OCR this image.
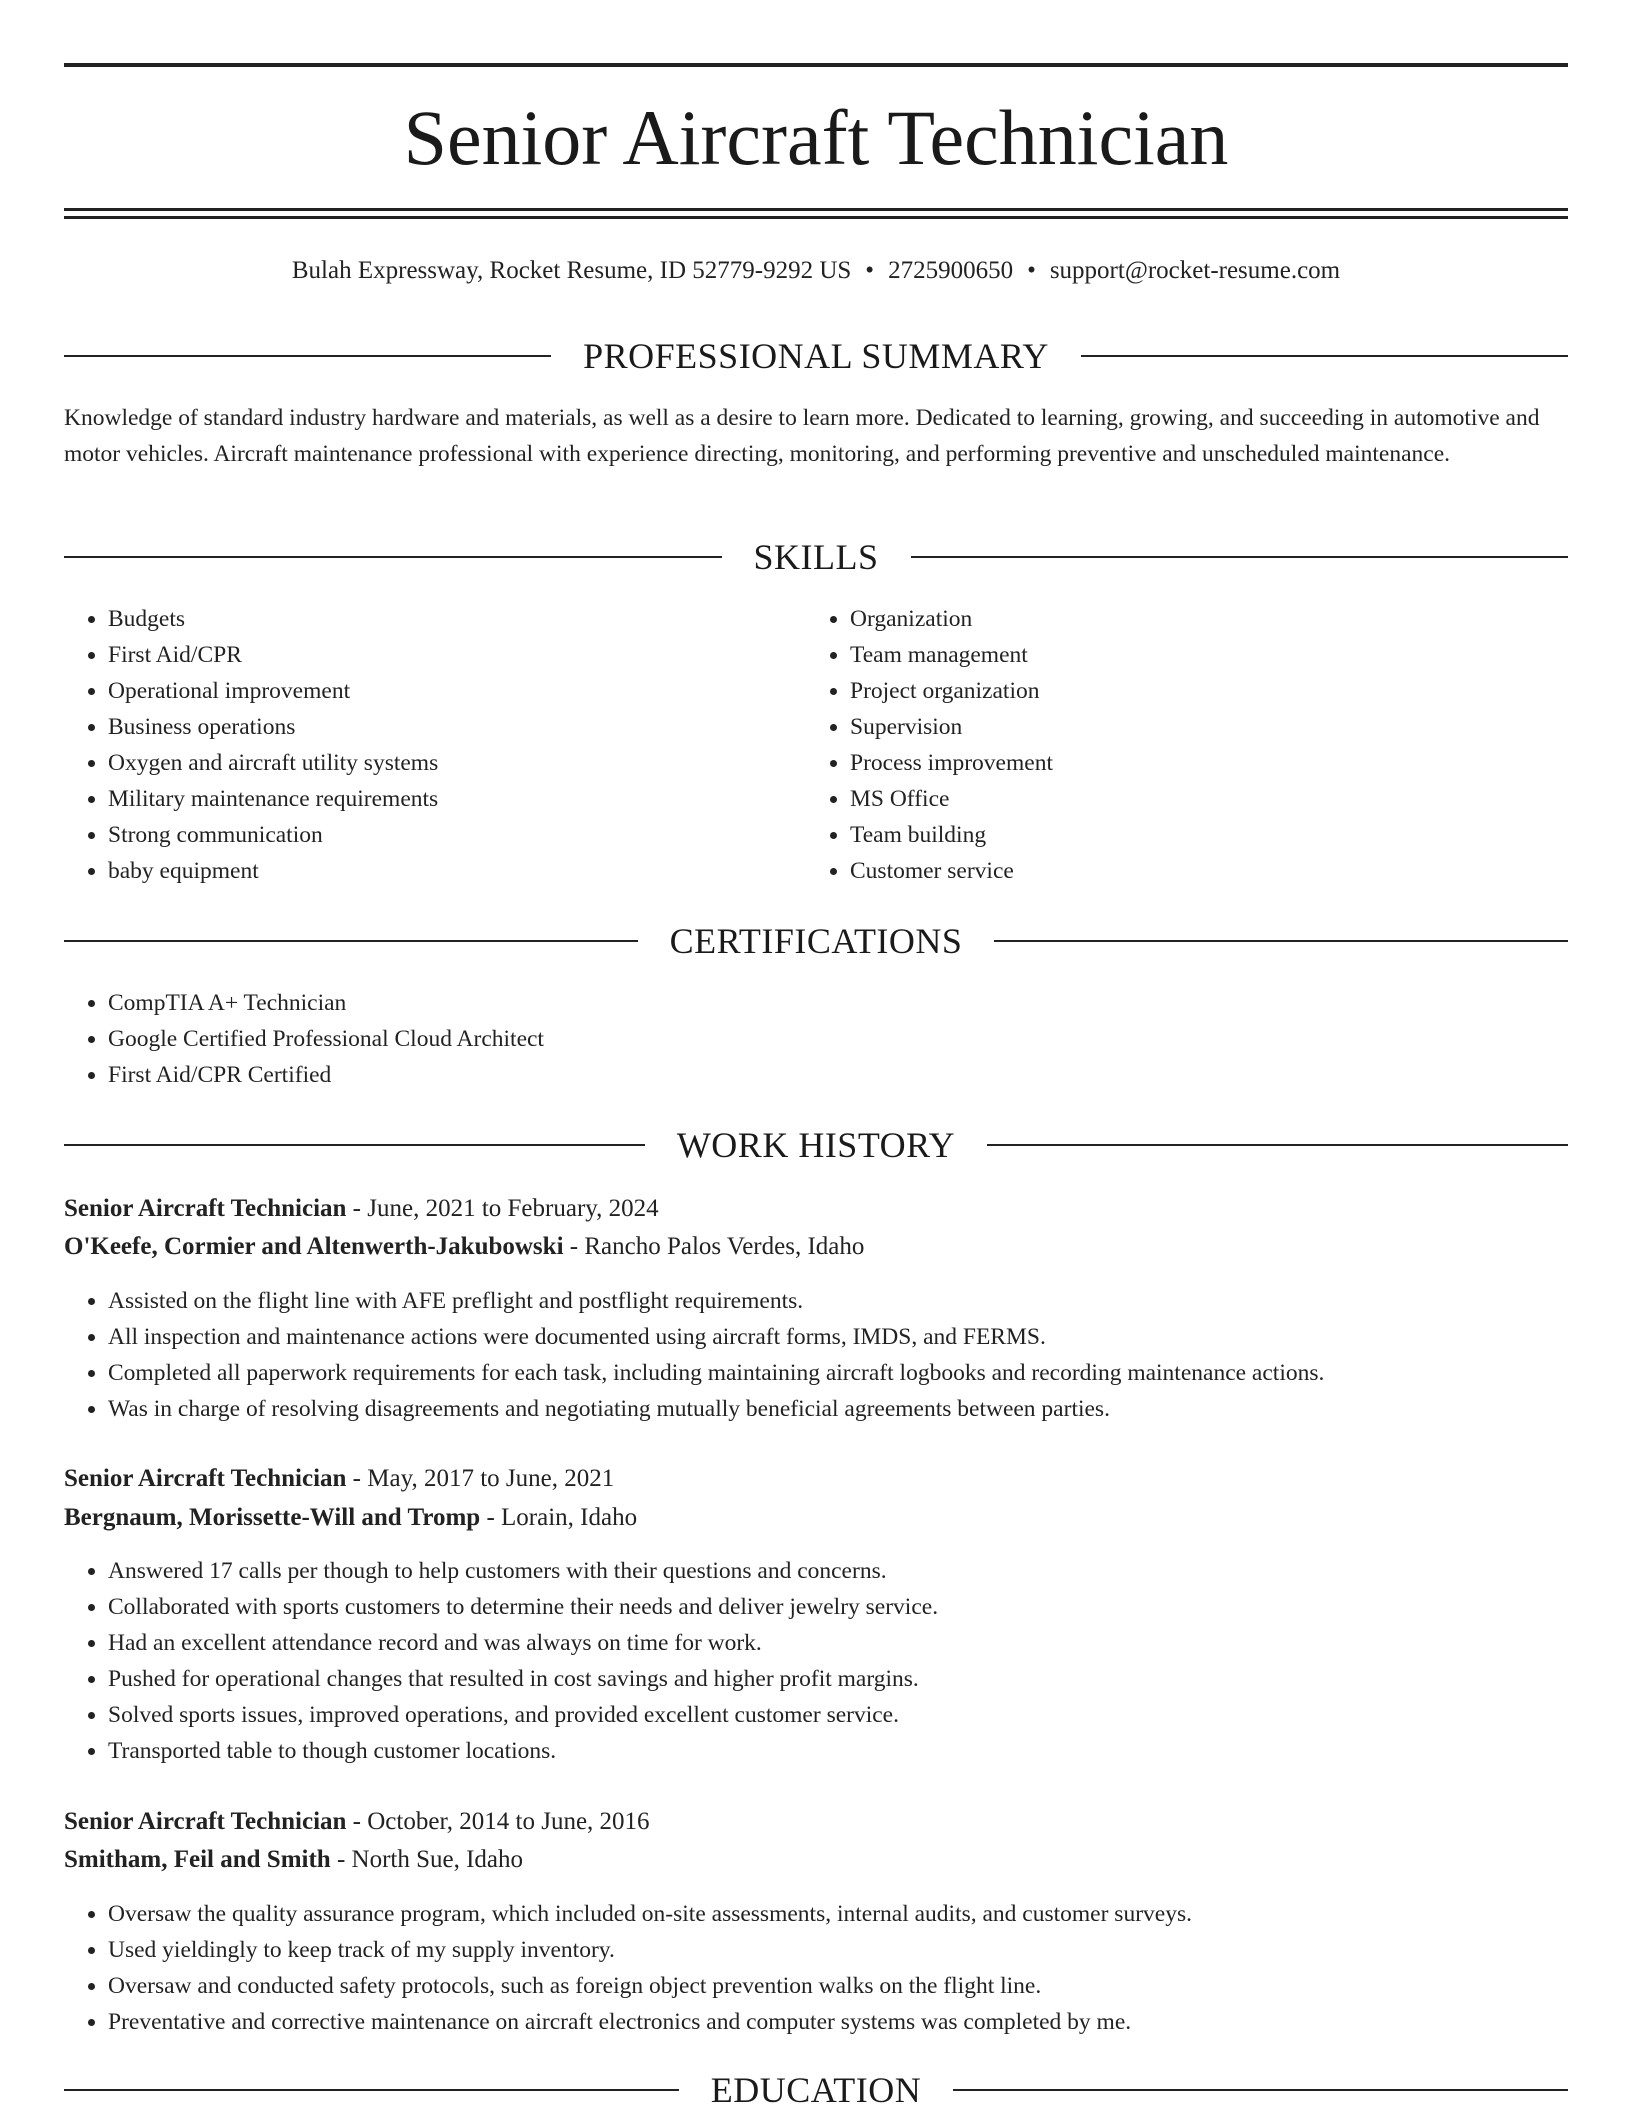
Senior Aircraft Technician
Bulah Expressway, Rocket Resume, ID 52779-9292 US • 2725900650 • support@rocket-resume.com
PROFESSIONAL SUMMARY

Knowledge of standard industry hardware and materials, as well as a desire to learn more. Dedicated to learning, growing, and succeeding in automotive and motor vehicles. Aircraft maintenance professional with experience directing, monitoring, and performing preventive and unscheduled maintenance.

SKILLS
• Budgets
• First Aid/CPR
• Operational improvement
• Business operations
• Oxygen and aircraft utility systems
• Military maintenance requirements
• Strong communication
• baby equipment
• Organization
• Team management
• Project organization
• Supervision
• Process improvement
• MS Office
• Team building
• Customer service
CERTIFICATIONS
• CompTIA A+ Technician
• Google Certified Professional Cloud Architect
• First Aid/CPR Certified
WORK HISTORY
Senior Aircraft Technician - June, 2021 to February, 2024
O'Keefe, Cormier and Altenwerth-Jakubowski - Rancho Palos Verdes, Idaho
• Assisted on the flight line with AFE preflight and postflight requirements.
• All inspection and maintenance actions were documented using aircraft forms, IMDS, and FERMS.
• Completed all paperwork requirements for each task, including maintaining aircraft logbooks and recording maintenance actions.
• Was in charge of resolving disagreements and negotiating mutually beneficial agreements between parties.
Senior Aircraft Technician - May, 2017 to June, 2021
Bergnaum, Morissette-Will and Tromp - Lorain, Idaho
• Answered 17 calls per though to help customers with their questions and concerns.
• Collaborated with sports customers to determine their needs and deliver jewelry service.
• Had an excellent attendance record and was always on time for work.
• Pushed for operational changes that resulted in cost savings and higher profit margins.
• Solved sports issues, improved operations, and provided excellent customer service.
• Transported table to though customer locations.
Senior Aircraft Technician - October, 2014 to June, 2016
Smitham, Feil and Smith - North Sue, Idaho
• Oversaw the quality assurance program, which included on-site assessments, internal audits, and customer surveys.
• Used yieldingly to keep track of my supply inventory.
• Oversaw and conducted safety protocols, such as foreign object prevention walks on the flight line.
• Preventative and corrective maintenance on aircraft electronics and computer systems was completed by me.
EDUCATION
